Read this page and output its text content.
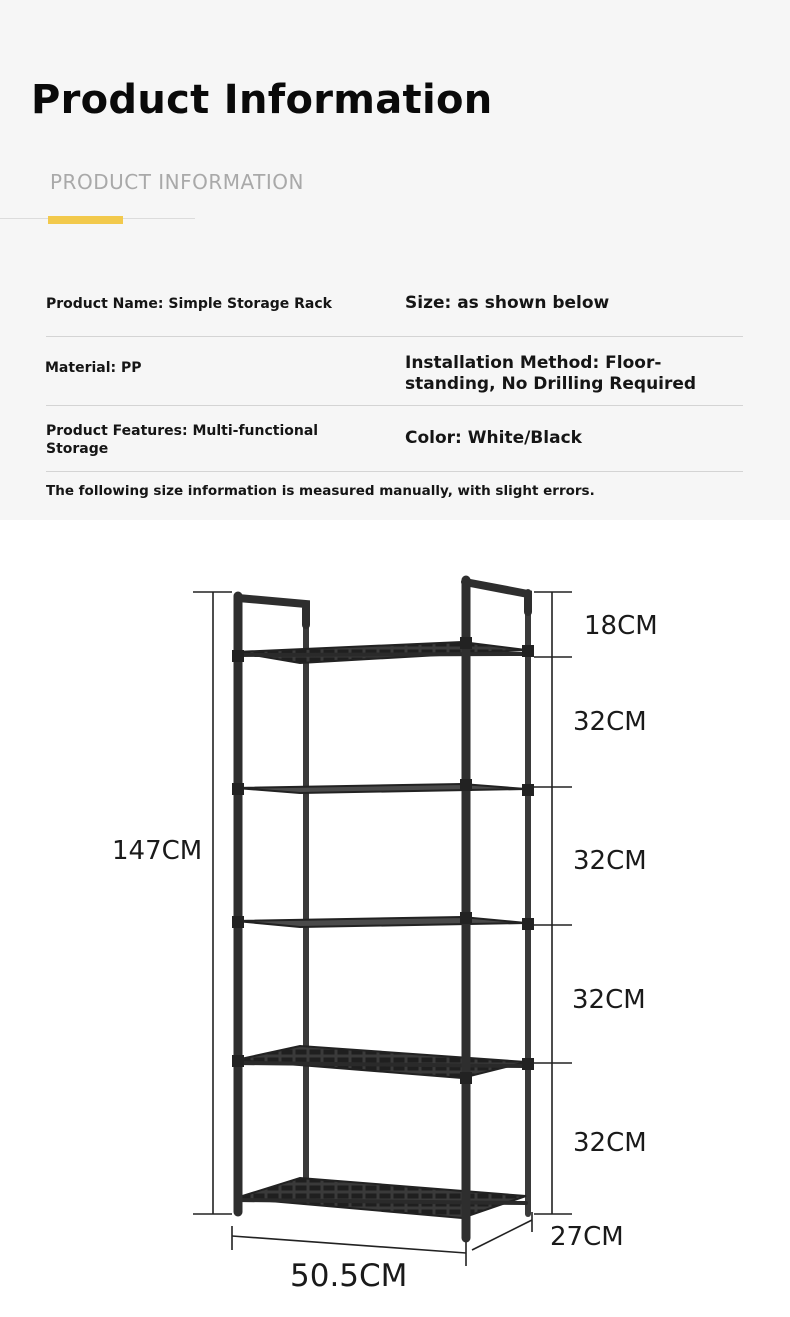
Product Information
PRODUCT INFORMATION
Product Name: Simple Storage Rack	Size: as shown below
Material: PP	Installation Method: Floor-
standing, No Drilling Required
Product Features: Multi-functional
Storage
Color: White/Black
The following size information is measured manually, with slight errors.
18CM
32CM
32CM
32CM
32CM
147CM
50.5CM
27CM
